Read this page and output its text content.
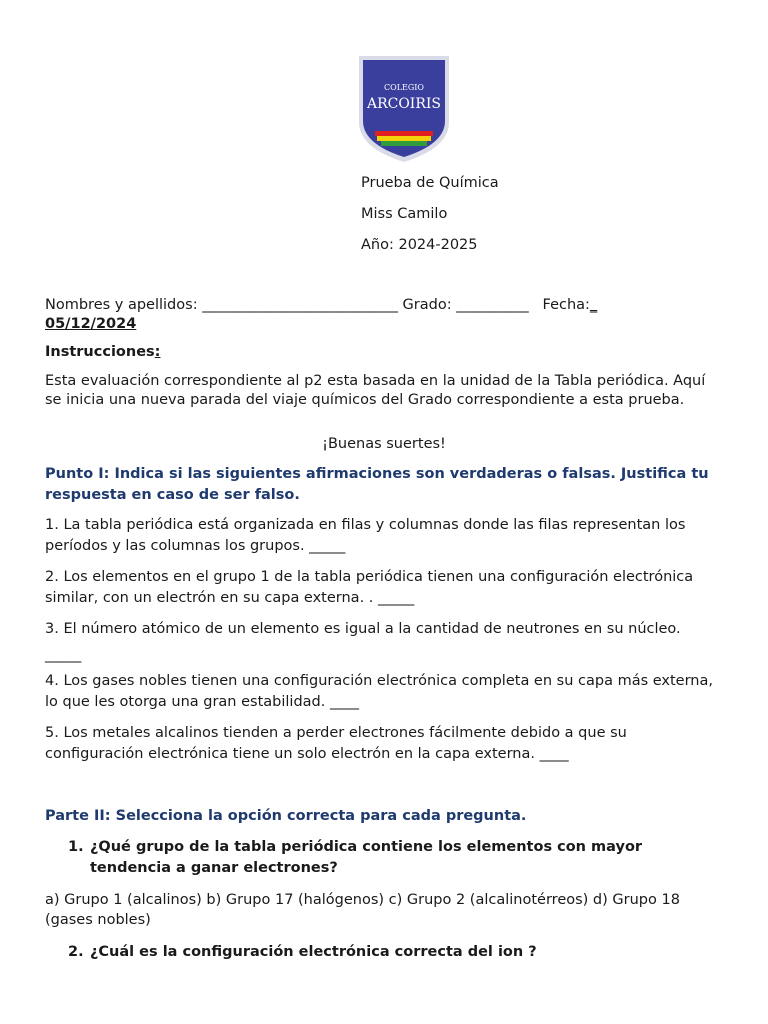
COLEGIO
ARCOIRIS
Prueba de Química
Miss Camilo
Año: 2024-2025
Nombres y apellidos: ___________________________ Grado: __________ Fecha:_
05/12/2024
Instrucciones:
Esta evaluación correspondiente al p2 esta basada en la unidad de la Tabla periódica. Aquí se inicia una nueva parada del viaje químicos del Grado correspondiente a esta prueba.
¡Buenas suertes!
Punto I: Indica si las siguientes afirmaciones son verdaderas o falsas. Justifica tu respuesta en caso de ser falso.
1. La tabla periódica está organizada en filas y columnas donde las filas representan los períodos y las columnas los grupos. _____
2. Los elementos en el grupo 1 de la tabla periódica tienen una configuración electrónica similar, con un electrón en su capa externa. . _____
3. El número atómico de un elemento es igual a la cantidad de neutrones en su núcleo.
_____
4. Los gases nobles tienen una configuración electrónica completa en su capa más externa, lo que les otorga una gran estabilidad. ____
5. Los metales alcalinos tienden a perder electrones fácilmente debido a que su configuración electrónica tiene un solo electrón en la capa externa. ____
Parte II: Selecciona la opción correcta para cada pregunta.
1. ¿Qué grupo de la tabla periódica contiene los elementos con mayor tendencia a ganar electrones?
a) Grupo 1 (alcalinos) b) Grupo 17 (halógenos) c) Grupo 2 (alcalinotérreos) d) Grupo 18 (gases nobles)
2. ¿Cuál es la configuración electrónica correcta del ion ?
